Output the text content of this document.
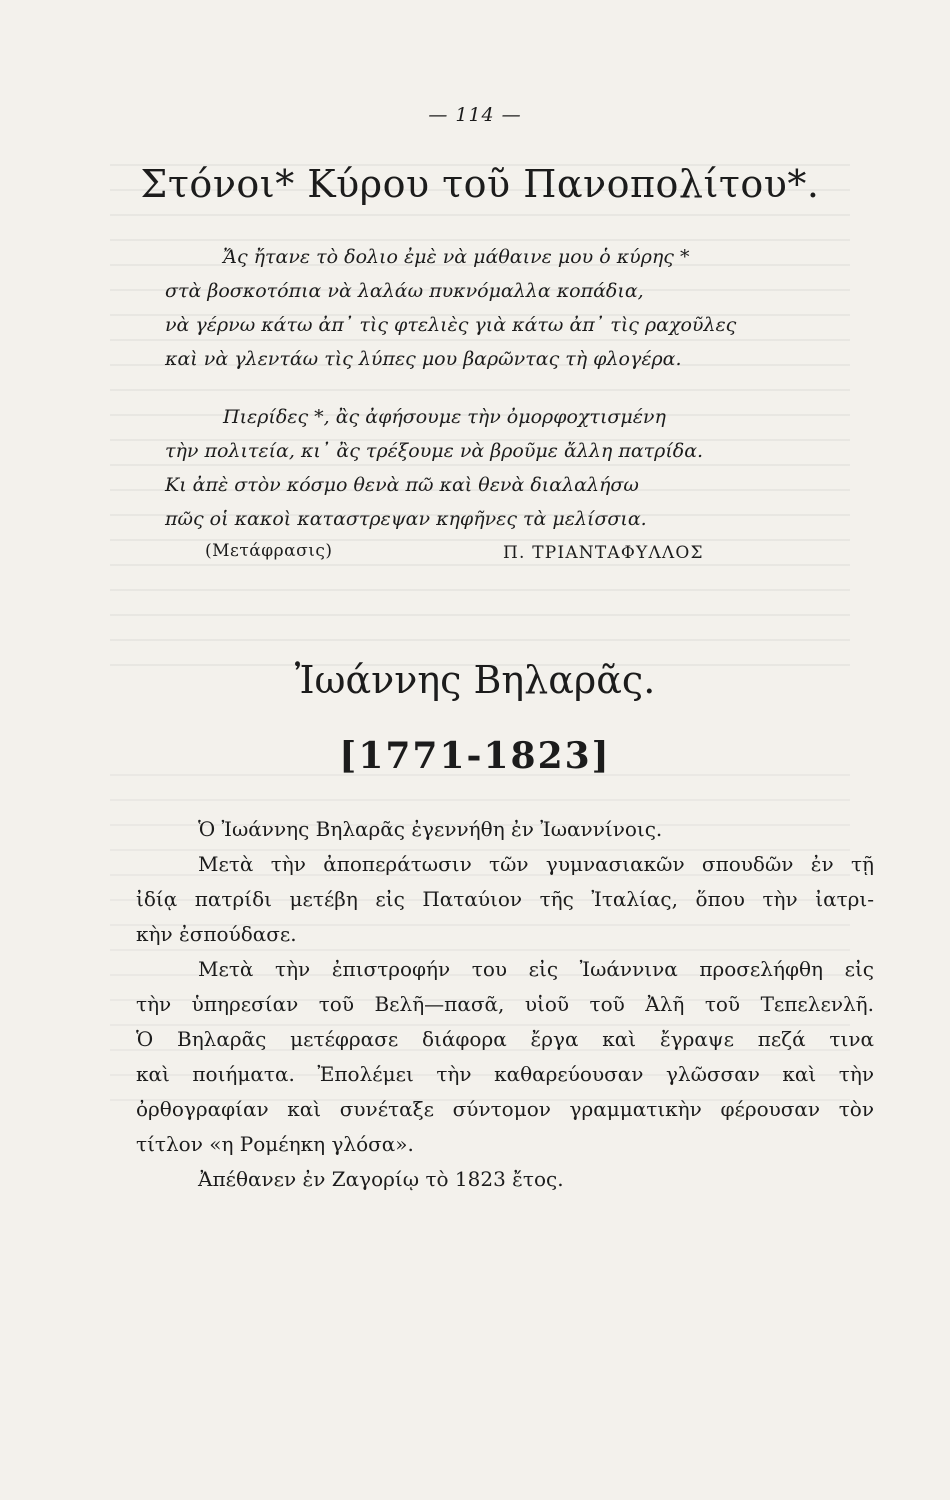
— 114 —
Στόνοι* Κύρου τοῦ Πανοπολίτου*.
Ἄς ἤτανε τὸ δολιο ἐμὲ νὰ μάθαινε μου ὁ κύρης *
στὰ βοσκοτόπια νὰ λαλάω πυκνόμαλλα κοπάδια,
νὰ γέρνω κάτω ἀπ᾿ τὶς φτελιὲς γιὰ κάτω ἀπ᾿ τὶς ραχοῦλες
καὶ νὰ γλεντάω τὶς λύπες μου βαρῶντας τὴ φλογέρα.
Πιερίδες *, ἂς ἀφήσουμε τὴν ὀμορφοχτισμένη
τὴν πολιτεία, κι᾿ ἂς τρέξουμε νὰ βροῦμε ἄλλη πατρίδα.
Κι ἀπὲ στὸν κόσμο θενὰ πῶ καὶ θενὰ διαλαλήσω
πῶς οἱ κακοὶ καταστρεψαν κηφῆνες τὰ μελίσσια.
(Μετάφρασις)	Π. ΤΡΙΑΝΤΑΦΥΛΛΟΣ
Ἰωάννης Βηλαρᾶς.
[1771-1823]
Ὁ Ἰωάννης Βηλαρᾶς ἐγεννήθη ἐν Ἰωαννίνοις.
Μετὰ τὴν ἀποπεράτωσιν τῶν γυμνασιακῶν σπουδῶν ἐν τῇ
ἰδίᾳ πατρίδι μετέβη εἰς Παταύιον τῆς Ἰταλίας, ὅπου τὴν ἰατρι-
κὴν ἐσπούδασε.
Μετὰ τὴν ἐπιστροφήν του εἰς Ἰωάννινα προσελήφθη εἰς
τὴν ὑπηρεσίαν τοῦ Βελῆ—πασᾶ, υἱοῦ τοῦ Ἀλῆ τοῦ Τεπελενλῆ.
Ὁ Βηλαρᾶς μετέφρασε διάφορα ἔργα καὶ ἔγραψε πεζά τινα
καὶ ποιήματα. Ἐπολέμει τὴν καθαρεύουσαν γλῶσσαν καὶ τὴν
ὀρθογραφίαν καὶ συνέταξε σύντομον γραμματικὴν φέρουσαν τὸν
τίτλον «η Ρομέηκη γλόσα».
Ἀπέθανεν ἐν Ζαγορίῳ τὸ 1823 ἔτος.
